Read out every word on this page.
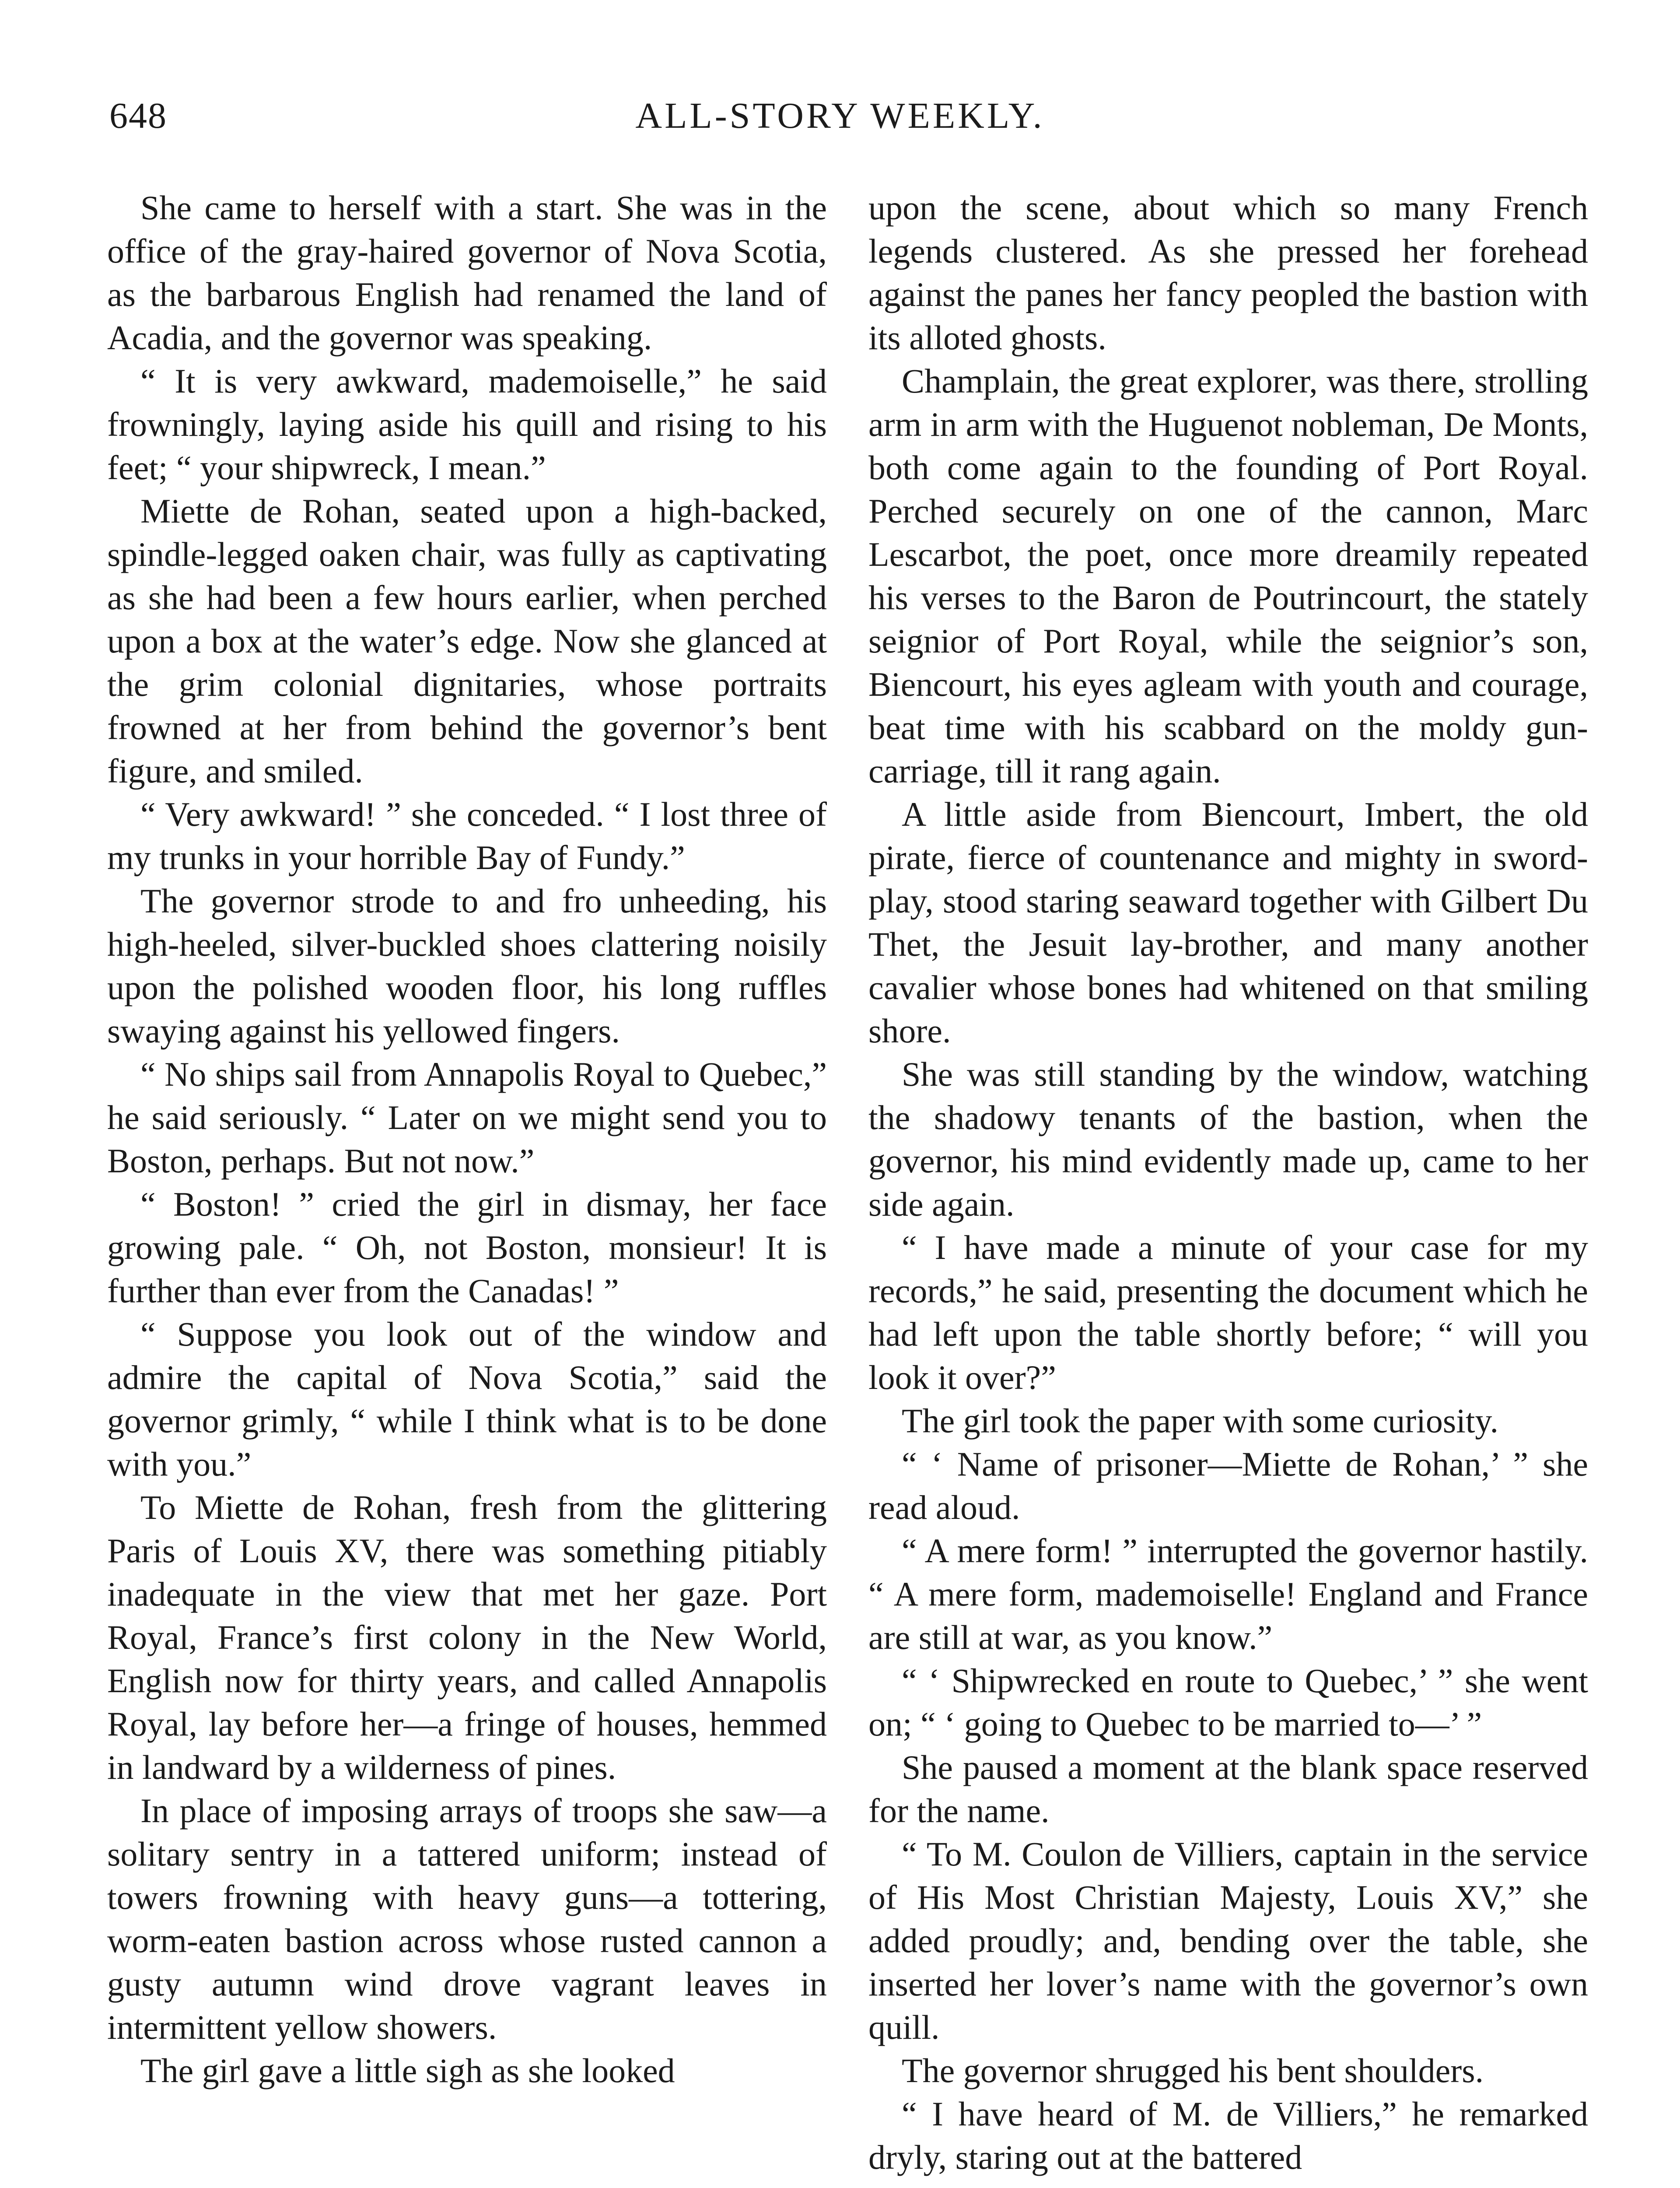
648	ALL-STORY WEEKLY.

She came to herself with a start. She was in the office of the gray-haired governor of Nova Scotia, as the barbarous English had renamed the land of Acadia, and the governor was speaking.

“ It is very awkward, mademoiselle,” he said frowningly, laying aside his quill and rising to his feet; “ your shipwreck, I mean.”

Miette de Rohan, seated upon a high-backed, spindle-legged oaken chair, was fully as captivating as she had been a few hours earlier, when perched upon a box at the water’s edge. Now she glanced at the grim colonial dignitaries, whose portraits frowned at her from behind the governor’s bent figure, and smiled.

“ Very awkward! ” she conceded. “ I lost three of my trunks in your horrible Bay of Fundy.”

The governor strode to and fro unheeding, his high-heeled, silver-buckled shoes clattering noisily upon the polished wooden floor, his long ruffles swaying against his yellowed fingers.

“ No ships sail from Annapolis Royal to Quebec,” he said seriously. “ Later on we might send you to Boston, perhaps. But not now.”

“ Boston! ” cried the girl in dismay, her face growing pale. “ Oh, not Boston, monsieur! It is further than ever from the Canadas! ”

“ Suppose you look out of the window and admire the capital of Nova Scotia,” said the governor grimly, “ while I think what is to be done with you.”

To Miette de Rohan, fresh from the glittering Paris of Louis XV, there was something pitiably inadequate in the view that met her gaze. Port Royal, France’s first colony in the New World, English now for thirty years, and called Annapolis Royal, lay before her—a fringe of houses, hemmed in landward by a wilderness of pines.

In place of imposing arrays of troops she saw—a solitary sentry in a tattered uniform; instead of towers frowning with heavy guns—a tottering, worm-eaten bastion across whose rusted cannon a gusty autumn wind drove vagrant leaves in intermittent yellow showers.

The girl gave a little sigh as she looked

upon the scene, about which so many French legends clustered. As she pressed her forehead against the panes her fancy peopled the bastion with its alloted ghosts.

Champlain, the great explorer, was there, strolling arm in arm with the Huguenot nobleman, De Monts, both come again to the founding of Port Royal. Perched securely on one of the cannon, Marc Lescarbot, the poet, once more dreamily repeated his verses to the Baron de Poutrincourt, the stately seignior of Port Royal, while the seignior’s son, Biencourt, his eyes agleam with youth and courage, beat time with his scabbard on the moldy gun-carriage, till it rang again.

A little aside from Biencourt, Imbert, the old pirate, fierce of countenance and mighty in sword-play, stood staring seaward together with Gilbert Du Thet, the Jesuit lay-brother, and many another cavalier whose bones had whitened on that smiling shore.

She was still standing by the window, watching the shadowy tenants of the bastion, when the governor, his mind evidently made up, came to her side again.

“ I have made a minute of your case for my records,” he said, presenting the document which he had left upon the table shortly before; “ will you look it over?”

The girl took the paper with some curiosity.

“ ‘ Name of prisoner—Miette de Rohan,’ ” she read aloud.

“ A mere form! ” interrupted the governor hastily. “ A mere form, mademoiselle! England and France are still at war, as you know.”

“ ‘ Shipwrecked en route to Quebec,’ ” she went on; “ ‘ going to Quebec to be married to—’ ”

She paused a moment at the blank space reserved for the name.

“ To M. Coulon de Villiers, captain in the service of His Most Christian Majesty, Louis XV,” she added proudly; and, bending over the table, she inserted her lover’s name with the governor’s own quill.

The governor shrugged his bent shoulders.

“ I have heard of M. de Villiers,” he remarked dryly, staring out at the battered
